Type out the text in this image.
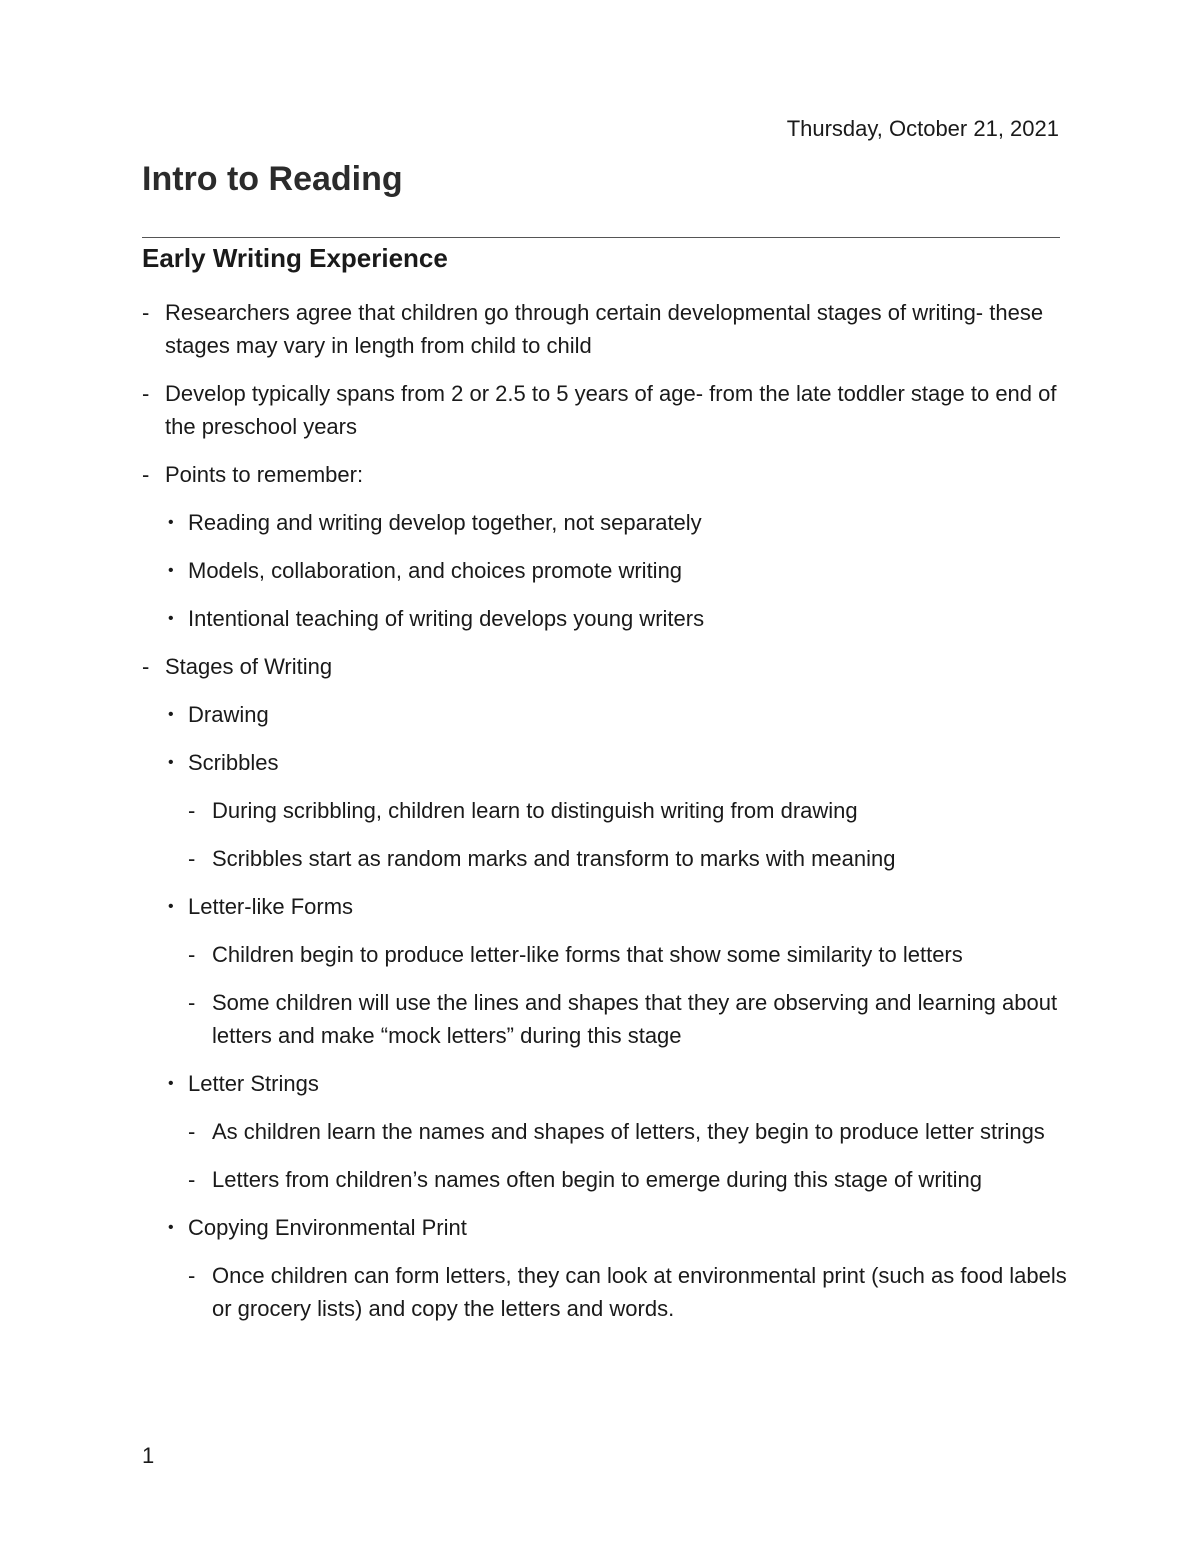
Thursday, October 21, 2021
Intro to Reading
Early Writing Experience
- Researchers agree that children go through certain developmental stages of writing- these stages may vary in length from child to child
- Develop typically spans from 2 or 2.5 to 5 years of age- from the late toddler stage to end of the preschool years
- Points to remember:
• Reading and writing develop together, not separately
• Models, collaboration, and choices promote writing
• Intentional teaching of writing develops young writers
- Stages of Writing
• Drawing
• Scribbles
- During scribbling, children learn to distinguish writing from drawing
- Scribbles start as random marks and transform to marks with meaning
• Letter-like Forms
- Children begin to produce letter-like forms that show some similarity to letters
- Some children will use the lines and shapes that they are observing and learning about letters and make “mock letters” during this stage
• Letter Strings
- As children learn the names and shapes of letters, they begin to produce letter strings
- Letters from children’s names often begin to emerge during this stage of writing
• Copying Environmental Print
- Once children can form letters, they can look at environmental print (such as food labels or grocery lists) and copy the letters and words.
1
